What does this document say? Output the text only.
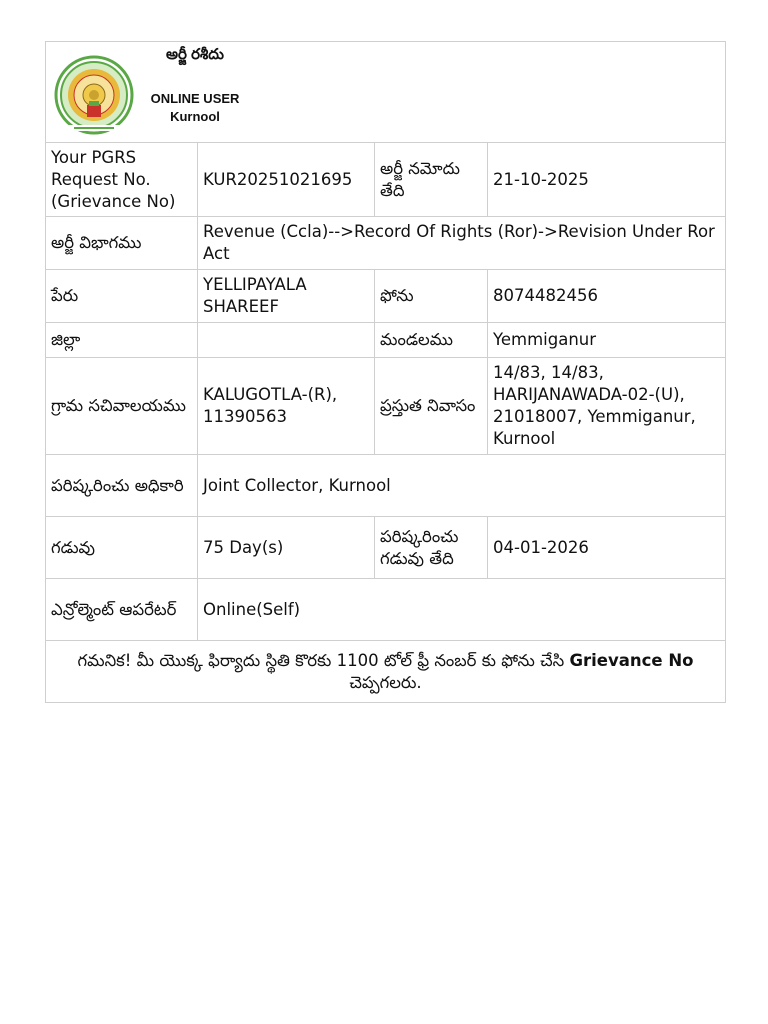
అర్జీ రశీదు
ONLINE USER
Kurnool			

Your PGRS Request No. (Grievance No)	KUR20251021695	అర్జీ నమోదు తేది	21-10-2025
అర్జీ విభాగము	Revenue (Ccla)-->Record Of Rights (Ror)->Revision Under Ror Act		
పేరు	YELLIPAYALA SHAREEF	ఫోను	8074482456
జిల్లా		మండలము	Yemmiganur
గ్రామ సచివాలయము	KALUGOTLA-(R), 11390563	ప్రస్తుత నివాసం	14/83, 14/83, HARIJANAWADA-02-(U), 21018007, Yemmiganur, Kurnool
పరిష్కరించు అధికారి	Joint Collector, Kurnool		
గడువు	75 Day(s)	పరిష్కరించు గడువు తేది	04-01-2026
ఎన్రోల్మెంట్ ఆపరేటర్	Online(Self)		
గమనిక! మీ యొక్క ఫిర్యాదు స్థితి కొరకు 1100 టోల్ ఫ్రీ నంబర్ కు ఫోను చేసి Grievance No చెప్పగలరు.			
